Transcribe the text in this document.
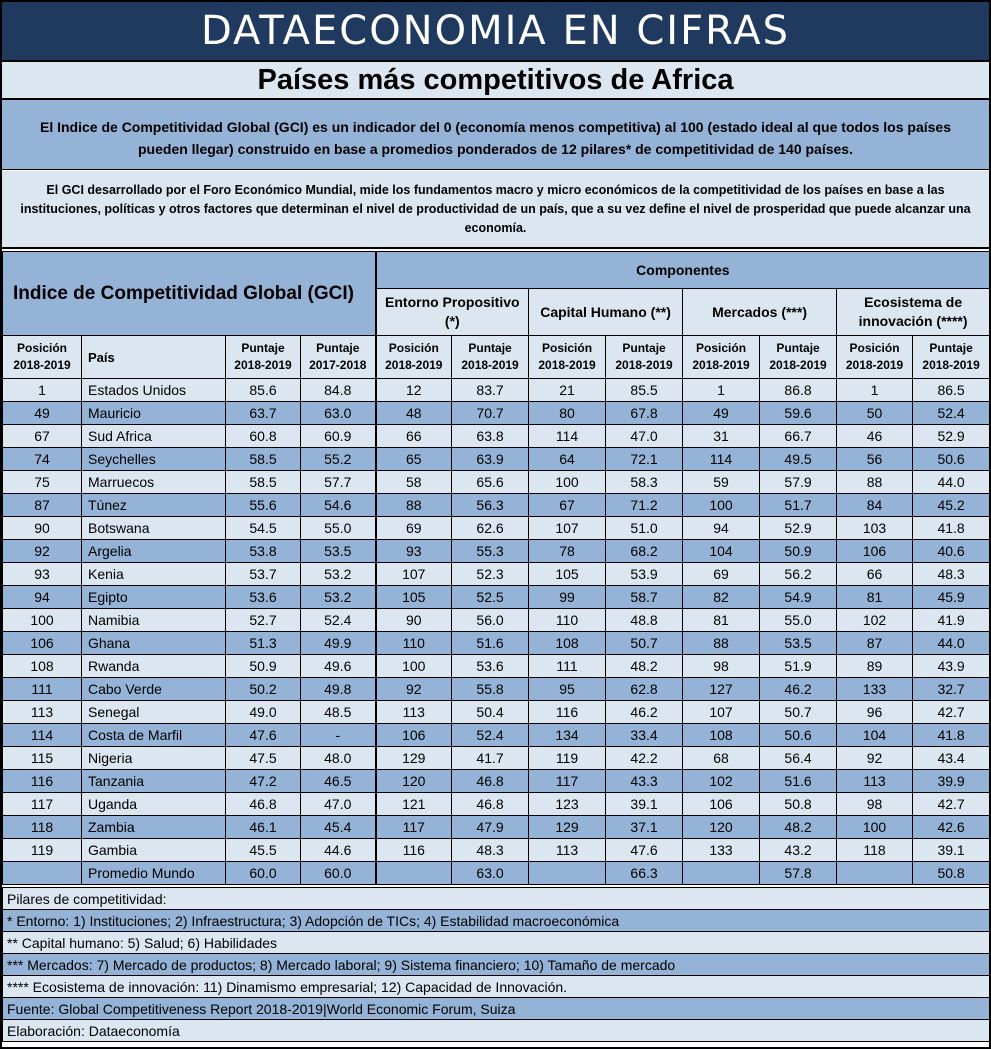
DATAECONOMIA EN CIFRAS
Países más competitivos de Africa
El Indice de Competitividad Global (GCI) es un indicador del 0 (economía menos competitiva) al 100 (estado ideal al que todos los países pueden llegar) construido en base a promedios ponderados de 12 pilares* de competitividad de 140 países.
El GCI desarrollado por el Foro Económico Mundial, mide los fundamentos macro y micro económicos de la competitividad de los países en base a las instituciones, políticas y otros factores que determinan el nivel de productividad de un país, que a su vez define el nivel de prosperidad que puede alcanzar una economía.
Indice de Competitividad Global (GCI)				Componentes							
				Entorno Propositivo (*)		Capital Humano (**)		Mercados (***)		Ecosistema de innovación (****)	
Posición 2018-2019	País	Puntaje 2018-2019	Puntaje 2017-2018	Posición 2018-2019	Puntaje 2018-2019	Posición 2018-2019	Puntaje 2018-2019	Posición 2018-2019	Puntaje 2018-2019	Posición 2018-2019	Puntaje 2018-2019
1	Estados Unidos	85.6	84.8	12	83.7	21	85.5	1	86.8	1	86.5
49	Mauricio	63.7	63.0	48	70.7	80	67.8	49	59.6	50	52.4
67	Sud Africa	60.8	60.9	66	63.8	114	47.0	31	66.7	46	52.9
74	Seychelles	58.5	55.2	65	63.9	64	72.1	114	49.5	56	50.6
75	Marruecos	58.5	57.7	58	65.6	100	58.3	59	57.9	88	44.0
87	Túnez	55.6	54.6	88	56.3	67	71.2	100	51.7	84	45.2
90	Botswana	54.5	55.0	69	62.6	107	51.0	94	52.9	103	41.8
92	Argelia	53.8	53.5	93	55.3	78	68.2	104	50.9	106	40.6
93	Kenia	53.7	53.2	107	52.3	105	53.9	69	56.2	66	48.3
94	Egipto	53.6	53.2	105	52.5	99	58.7	82	54.9	81	45.9
100	Namibia	52.7	52.4	90	56.0	110	48.8	81	55.0	102	41.9
106	Ghana	51.3	49.9	110	51.6	108	50.7	88	53.5	87	44.0
108	Rwanda	50.9	49.6	100	53.6	111	48.2	98	51.9	89	43.9
111	Cabo Verde	50.2	49.8	92	55.8	95	62.8	127	46.2	133	32.7
113	Senegal	49.0	48.5	113	50.4	116	46.2	107	50.7	96	42.7
114	Costa de Marfil	47.6	-	106	52.4	134	33.4	108	50.6	104	41.8
115	Nigeria	47.5	48.0	129	41.7	119	42.2	68	56.4	92	43.4
116	Tanzania	47.2	46.5	120	46.8	117	43.3	102	51.6	113	39.9
117	Uganda	46.8	47.0	121	46.8	123	39.1	106	50.8	98	42.7
118	Zambia	46.1	45.4	117	47.9	129	37.1	120	48.2	100	42.6
119	Gambia	45.5	44.6	116	48.3	113	47.6	133	43.2	118	39.1
	Promedio Mundo	60.0	60.0		63.0		66.3		57.8		50.8
Pilares de competitividad:
* Entorno: 1) Instituciones; 2) Infraestructura; 3) Adopción de TICs; 4) Estabilidad macroeconómica
** Capital humano: 5) Salud; 6) Habilidades
*** Mercados: 7) Mercado de productos; 8) Mercado laboral; 9) Sistema financiero; 10) Tamaño de mercado
**** Ecosistema de innovación: 11) Dinamismo empresarial; 12) Capacidad de Innovación.
Fuente: Global Competitiveness Report 2018-2019|World Economic Forum, Suiza
Elaboración: Dataeconomía
